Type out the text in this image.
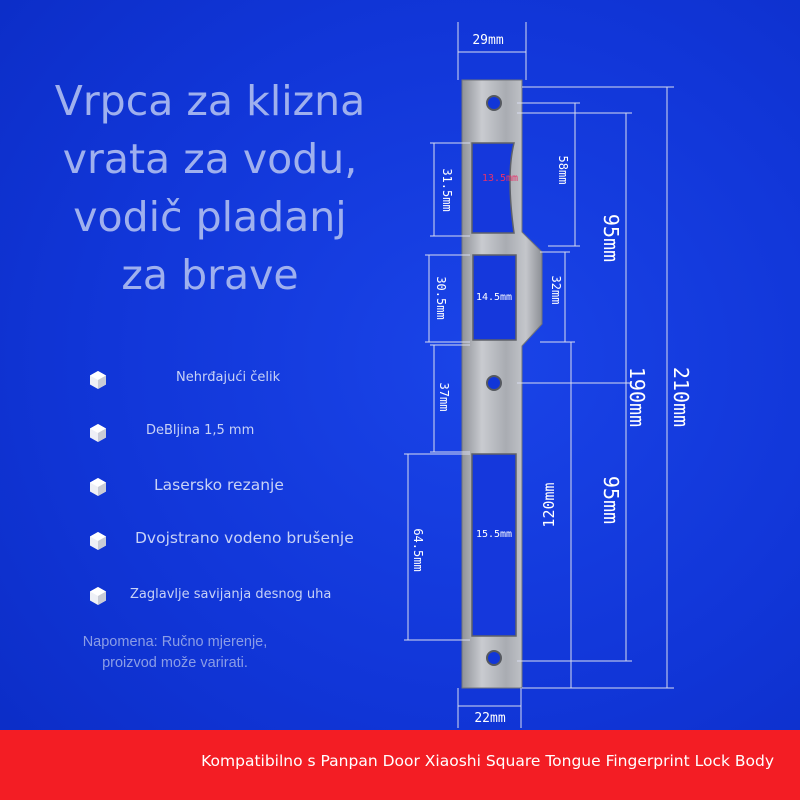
Vrpca za klizna
vrata za vodu,
vodič pladanj
za brave
Nehrđajući čelik
DeBljina 1,5 mm
Lasersko rezanje
Dvojstrano vodeno brušenje
Zaglavlje savijanja desnog uha
Napomena: Ručno mjerenje,
proizvod može varirati.
29mm
22mm
31.5mm	13.5mm	58mm
30.5mm	14.5mm	32mm
37mm
64.5mm	15.5mm
120mm
95mm
95mm
190mm 210mm
Kompatibilno s Panpan Door Xiaoshi Square Tongue Fingerprint Lock Body
